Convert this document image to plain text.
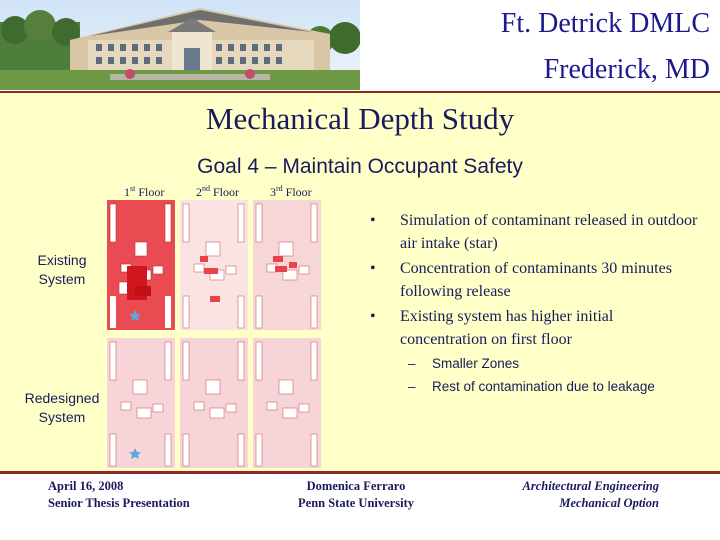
Ft. Detrick DMLC
Frederick, MD
Mechanical Depth Study
Goal 4 – Maintain Occupant Safety
1st Floor	2nd Floor	3rd Floor
Existing
System
Redesigned
System
• Simulation of contaminant released in outdoor air intake (star)
• Concentration of contaminants 30 minutes following release
• Existing system has higher initial concentration on first floor
– Smaller Zones
– Rest of contamination due to leakage
April 16, 2008
Senior Thesis Presentation
Domenica Ferraro
Penn State University
Architectural Engineering
Mechanical Option
